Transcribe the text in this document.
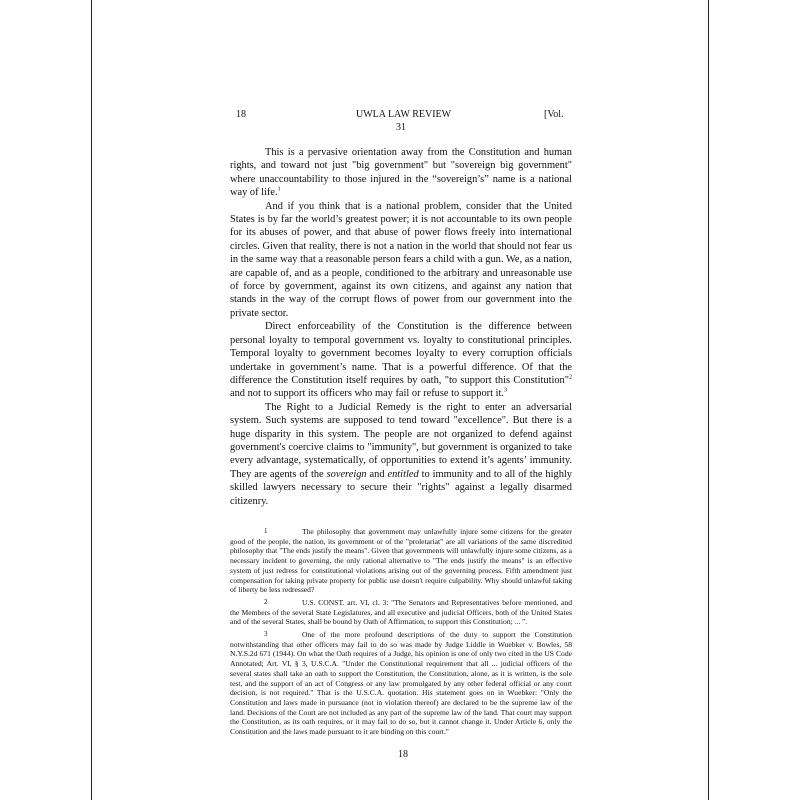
18	UWLA LAW REVIEW	[Vol.
31

This is a pervasive orientation away from the Constitution and human rights, and toward not just "big government" but "sovereign big government" where unaccountability to those injured in the “sovereign’s” name is a national way of life.$^1$

And if you think that is a national problem, consider that the United States is by far the world’s greatest power; it is not accountable to its own people for its abuses of power, and that abuse of power flows freely into international circles. Given that reality, there is not a nation in the world that should not fear us in the same way that a reasonable person fears a child with a gun. We, as a nation, are capable of, and as a people, conditioned to the arbitrary and unreasonable use of force by government, against its own citizens, and against any nation that stands in the way of the corrupt flows of power from our government into the private sector.

Direct enforceability of the Constitution is the difference between personal loyalty to temporal government vs. loyalty to constitutional principles. Temporal loyalty to government becomes loyalty to every corruption officials undertake in government’s name. That is a powerful difference. Of that the difference the Constitution itself requires by oath, "to support this Constitution"$^2$ and not to support its officers who may fail or refuse to support it.$^3$

The Right to a Judicial Remedy is the right to enter an adversarial system. Such systems are supposed to tend toward "excellence". But there is a huge disparity in this system. The people are not organized to defend against government's coercive claims to "immunity", but government is organized to take every advantage, systematically, of opportunities to extend it’s agents’ immunity. They are agents of the sovereign and entitled to immunity and to all of the highly skilled lawyers necessary to secure their "rights" against a legally disarmed citizenry.

1	The philosophy that government may unlawfully injure some citizens for the greater good of the people, the nation, its government or of the "proletariat" are all variations of the same discredited philosophy that "The ends justify the means". Given that governments will unlawfully injure some citizens, as a necessary incident to governing, the only rational alternative to "The ends justify the means" is an effective system of just redress for constitutional violations arising out of the governing process. Fifth amendment just compensation for taking private property for public use doesn't require culpability. Why should unlawful taking of liberty be less redressed?

2	U.S. CONST. art. VI, cl. 3: "The Senators and Representatives before mentioned, and the Members of the several State Legislatures, and all executive and judicial Officers, both of the United States and of the several States, shall be bound by Oath of Affirmation, to support this Constitution; ... ".

3	One of the more profound descriptions of the duty to support the Constitution notwithstanding that other officers may fail to do so was made by Judge Liddle in Wuebker v. Bowles, 58 N.Y.S.2d 671 (1944). On what the Oath requires of a Judge, his opinion is one of only two cited in the US Code Annotated; Art. VI, § 3, U.S.C.A. "Under the Constitutional requirement that all ... judicial officers of the several states shall take an oath to support the Constitution, the Constitution, alone, as it is written, is the sole test, and the support of an act of Congress or any law promulgated by any other federal official or any court decision, is not required." That is the U.S.C.A. quotation. His statement goes on in Wuebker: "Only the Constitution and laws made in pursuance (not in violation thereof) are declared to be the supreme law of the land. Decisions of the Court are not included as any part of the supreme law of the land. That court may support the Constitution, as its oath requires, or it may fail to do so, but it cannot change it. Under Article 6, only the Constitution and the laws made pursuant to it are binding on this court."

18
